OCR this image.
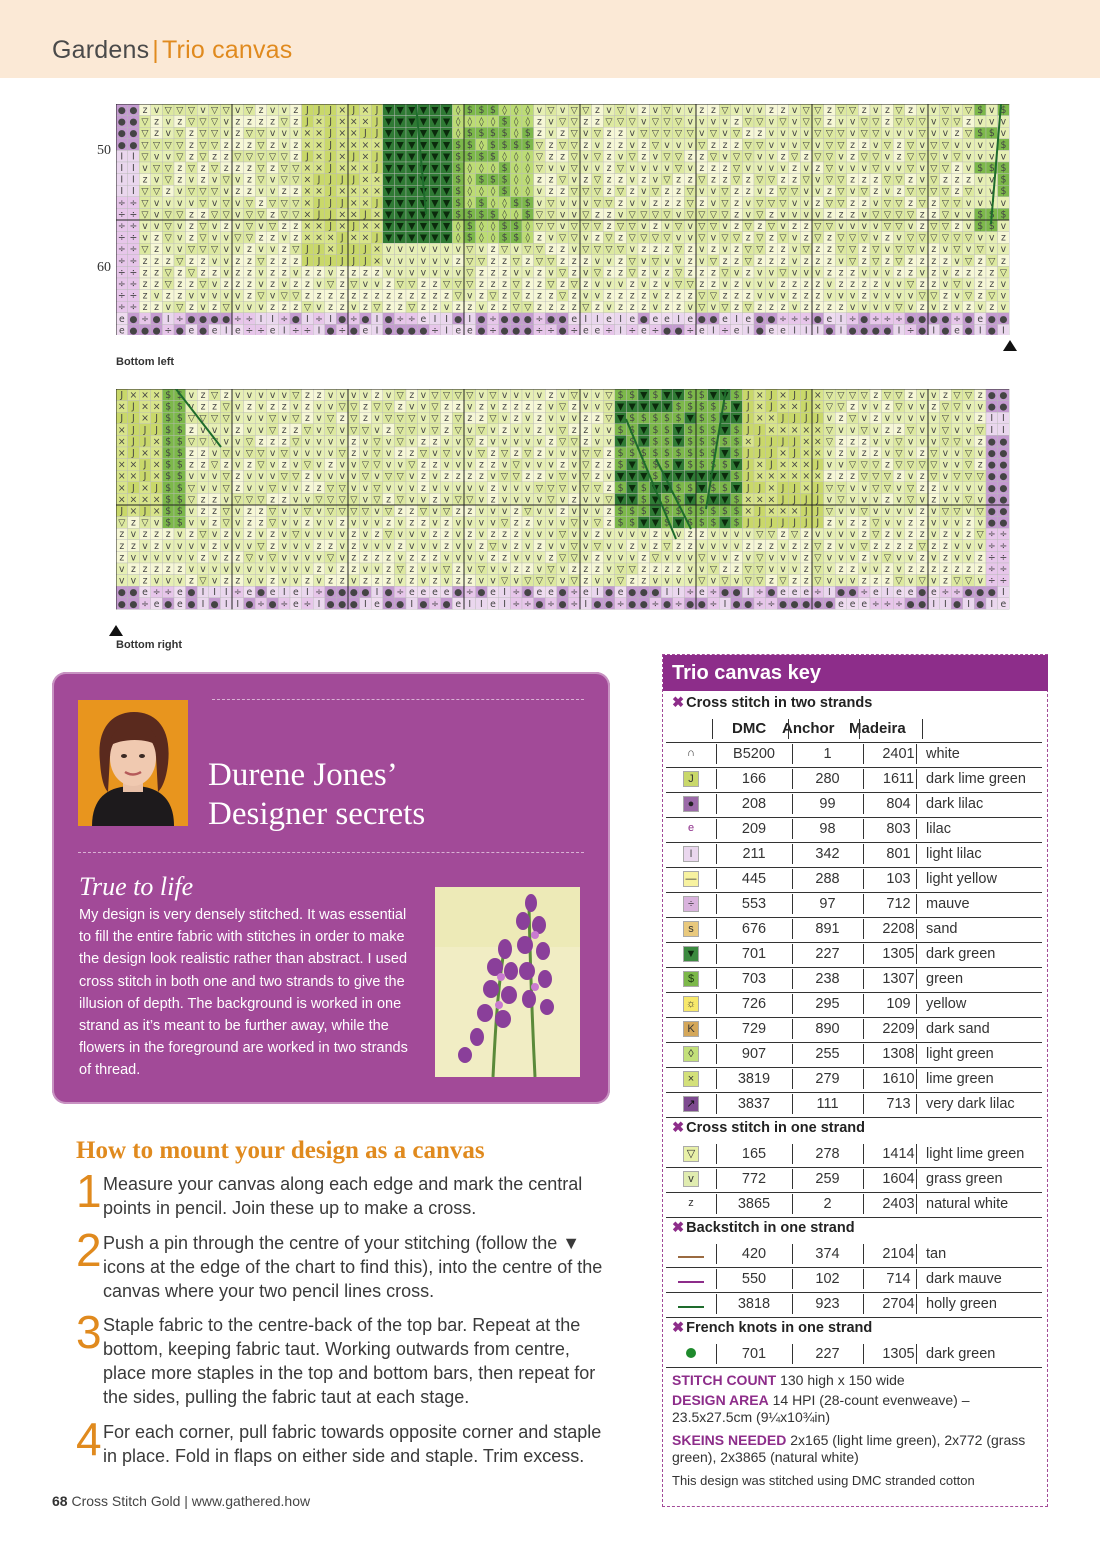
Gardens | Trio canvas
● ● z v ▽ ▽ ▽ v ▽ ▽ v ▽ z v v z J J J × J × J ▼ ▼ ▼ ▼ ▼ ▼ ◊ $ $ $ ◊ ◊ ◊ v ▽ v ▽ ▽ z v ▽ v z v ▽ v v z z ▽ v v v z z v ▽ ▽ z ▽ ▽ z v z ▽ z v v ▽ v ▽ $ v $
● ● ▽ z v z ▽ ▽ ▽ v z z z z ▽ z J × J × × × J ▼ ▼ ▼ ▼ ▼ ▼ ◊ ◊ ◊ ◊ $ ◊ ◊ z v ▽ ▽ z z ▽ ▽ ▽ v ▽ ▽ ▽ v v v v z ▽ ▽ v ▽ v ▽ ▽ z v v ▽ ▽ z ▽ ▽ ▽ v ▽ ▽ z v v v
● ● ▽ z v ▽ z ▽ ▽ v z ▽ ▽ v v v × × J × × J J ▼ ▼ ▼ ▼ ▼ ▼ ◊ $ $ $ $ ◊ $ z v z ▽ v ▽ z z v ▽ ▽ ▽ ▽ ▽ v ▽ v ▽ z z v v v v ▽ ▽ ▽ v ▽ ▽ v v v ▽ v v z ▽ $ $ v
● ● ▽ ▽ ▽ ▽ z ▽ ▽ z z z ▽ z v z × × J × × × × ▼ ▼ ▼ ▼ ▼ ▼ $ $ ◊ $ $ $ $ ▽ z ▽ ▽ z v z z v z ▽ v v v ▽ z z z ▽ ▽ v v v ▽ v ▽ ▽ z z v ▽ z ▽ v ▽ ▽ v v v v $
I I ▽ v v ▽ z ▽ z z ▽ ▽ ▽ ▽ ▽ z J × J × J × J ▼ ▼ ▼ ▼ ▼ ▼ $ $ $ $ ◊ ◊ ◊ ▽ z z ▽ v ▽ z v ▽ z v ▽ ▽ z z ▽ v ▽ ▽ v v z ▽ z ▽ ▽ v z ▽ ▽ v z ▽ ▽ ▽ v ▽ v v v v
I I v ▽ ▽ z ▽ z ▽ z z z ▽ z ▽ ▽ × × J × × × J ▼ ▼ ▼ ▼ ▼ ▼ $ ◊ ◊ ◊ $ ◊ ◊ ▽ v v ▽ v v z ▽ v v v v ▽ v z z z ▽ v v v v z v z ▽ v v v ▽ v v ▽ v ▽ ▽ z v $ $ $
I I z v ▽ z v z v ▽ v z ▽ v ▽ ▽ × J J J J × × ▼ ▼ ▼ ▼ ▼ $ ◊ $ $ $ ◊ ◊ z z ▽ v z ▽ z z v z v ▽ z z ▽ z z ▽ z ▽ ▽ z z ▽ v ▽ ▽ z z z ▽ ▽ z v ▽ z z z v v $
I I ▽ ▽ z v ▽ ▽ ▽ v z z v v z z × × J × × × × ▼ ▼ ▼ ▼ ▼ $ ◊ ◊ ◊ $ ◊ ◊ v z z ▽ ▽ ▽ z ▽ z v ▽ z z ▽ v v ▽ z z v z ▽ ▽ v v z ▽ v ▽ z v z ▽ ▽ ▽ ▽ z ▽ v v $
÷ ÷ ▽ v v v v ▽ v ▽ v ▽ z ▽ ▽ ▽ × J J J × × J ▼ ▼ ▼ ▼ ▼ ▼ $ ◊ $ ◊ ◊ $ $ v ▽ v v v ▽ ▽ z v v z z z ▽ z v ▽ z v ▽ ▽ ▽ v v z ▽ ▽ z z v ▽ ▽ z ▽ z ▽ ▽ v v v
÷ ÷ ▽ v ▽ ▽ z z ▽ ▽ v ▽ ▽ z ▽ ▽ × J J × × J × ▼ ▼ ▼ ▼ ▼ ▼ $ $ $ $ ◊ ◊ $ ▽ ▽ v v ▽ z z v ▽ ▽ ▽ ▽ v ▽ ▽ ▽ ▽ z v ▽ z v v v v z z z v ▽ ▽ ▽ ▽ z z ▽ v v $ $
÷ ÷ v v ▽ v z ▽ v z v ▽ v ▽ z z × × J × J × × ▼ ▼ ▼ ▼ ▼ ▼ ◊ $ ◊ ◊ $ $ ◊ ▽ ▽ v ▽ ▽ ▽ z ▽ ▽ v z v ▽ v ▽ ▽ v z ▽ z ▽ v z z ▽ ▽ v v v v ▽ ▽ v z ▽ ▽ z v $ $ v
÷ ÷ v z ▽ v z ▽ v v ▽ ▽ z z v z × × × J × × J ▼ ▼ ▼ ▼ ▼ ▼ ◊ $ ◊ ◊ $ $ ◊ z v ▽ ▽ v z ▽ z ▽ ▽ ▽ ▽ v v ▽ v ▽ ▽ z ▽ z ▽ v z ▽ z ▽ ▽ ▽ v z v ▽ ▽ ▽ ▽ ▽ ▽ v v z
÷ ÷ ▽ z v v ▽ ▽ ▽ v v z v v z ▽ J J × J J J × v v v v v v v ▽ v z ▽ v ▽ ▽ z z v ▽ ▽ ▽ ▽ v z z z ▽ z v z v z ▽ ▽ z z v ▽ z z ▽ ▽ z ▽ v ▽ ▽ v z v ▽ v ▽ v v
÷ ÷ z z z ▽ z z v v z z ▽ z z z J J J J J J × v v v v v v z ▽ ▽ z z ▽ z ▽ ▽ z z z v v z ▽ v ▽ v v z v ▽ z z ▽ z z z v z z z v ▽ z ▽ z ▽ z z z z v ▽ z ▽ z
÷ ÷ z z ▽ z ▽ z z v z z v z z v z z v z z z z v v v v v v v ▽ z z z v v z v ▽ z v ▽ z z ▽ z v z ▽ z z z ▽ v z v v ▽ v v v z z z v v v z z v z v z z z z ▽
÷ ÷ z z ▽ z z ▽ v z z z v z v z z v ▽ z ▽ v v z ▽ ▽ z z ▽ ▽ ▽ z z z ▽ z z ▽ z ▽ z v v v z v z v ▽ ▽ z z v z v v v z z z z v z z z z v v ▽ z z v ▽ v z z v
÷ ÷ z v z z v v v v v z ▽ v ▽ ▽ z z z z z z z z z z z z z ▽ v z ▽ z ▽ z z z ▽ z v v z z z z v z z z ▽ ▽ z z z v v v z z z v v v z v v v v ▽ ▽ z v ▽ z ▽ v
÷ ÷ z z v ▽ z v z ▽ v v v z z z ▽ v z z v z ▽ z z ▽ z z v z z v z z ▽ ▽ z z z z ▽ z v z z z v z z v ▽ v ▽ z ▽ z z z v z z z z v v v v ▽ v z v z v z v z v
e ● ÷ ● I ÷ ● ● ● ● ÷ ÷ I I ÷ ● I ÷ I ● ÷ ● I ● ÷ ÷ e I I ● I ● ÷ ● ● ● ÷ ● ● e I I e I e ● e e I e ● ● e I e ● ● ÷ ÷ ÷ ● e I ÷ ● ÷ ÷ ÷ ● ● ● ● ÷ ● e ● ●
e ● ● ● ÷ ● e ● e I e ÷ ÷ e I ÷ ÷ I ● ÷ ● e I ● ● ● ● ÷ I e e ● ÷ ● ● ● ÷ ÷ ● ÷ e e ÷ I ÷ e ÷ ● ● ÷ e I ÷ e I ● e e I I I ● I ● ● ● ● I ÷ ● I ● e ● I ● I
50
60
Bottom left
J × × × $ $ v z ▽ z v v v v v ▽ z z v v v v z v ▽ z v ▽ ▽ ▽ ▽ v ▽ v v v v z v ▽ v v ▽ $ $ ▼ $ ▼ ▼ $ $ ▼ $ J × J × J J × ▽ ▽ ▽ ▽ z ▽ ▽ z v v z ▽ ▽ z ● ●
× J × × $ $ v z z ▽ v z v z z v z v v ▽ ▽ z ▽ ▽ z v v ▽ z z v z v z z z z v ▽ z v v ▽ ▼ ▼ ▼ ▼ ▼ $ $ $ $ $ ▼ J × J × × J × ▽ ▽ z v v z ▽ v v z ▽ ▽ v v ● ●
J J × J $ $ ▽ ▽ ▽ ▽ v v v ▽ v ▽ z v ▽ z ▽ z v ▽ ▽ ▽ v ▽ z ▽ z z ▽ v z v z v v v z z ▽ ▼ $ $ $ $ $ ▼ $ $ ▼ ▼ J × × J J J J v z ▽ v z v v v v v ▽ v v z I I
× J J J $ $ z v v v z v v ▽ z z ▽ v ▽ v ▽ ▽ v z ▽ ▽ v ▽ z ▽ v ▽ v z v v z v ▽ z z v v $ $ ▼ $ $ ▼ $ $ $ ▼ $ J J × × × × × ▽ v v ▽ v z z ▽ v v ▽ v v ▽ I I
× J J × $ $ ▽ ▽ ▽ v v ▽ z z z ▽ v v v v z v ▽ v ▽ v z z v v ▽ z v v v v v z ▽ ▽ z v v ▼ $ ▼ $ $ ▼ $ $ $ $ $ × J J J J × × ▽ z z z v v ▽ v v v ▽ ▽ v z ● ●
× J × × $ $ z z v ▽ v ▽ ▽ v ▽ v v v v ▽ z v ▽ v z z ▽ v ▽ v v ▽ z ▽ z ▽ z v v v ▽ ▽ z $ $ $ $ $ $ $ $ $ ▼ $ J J J × J × × v z v z z v ▽ v z ▽ v v ▽ v ● ●
× × J × $ $ z z ▽ z v z ▽ v z v ▽ v z v v ▽ ▽ v v ▽ z z v v v z z v ▽ v v v z v ▽ z z $ ▼ $ $ $ ▼ $ $ $ ▼ J × J × × × J v v ▽ ▽ ▽ z ▽ ▽ ▽ ▽ v v ▽ z ● ●
× × J × $ $ v v v ▽ z v v v ▽ ▽ z v v v v ▽ v ▽ ▽ v z v z z z z v ▽ ▽ z z v ▽ v ▽ z v ▼ ▼ ▼ $ ▼ ▼ ▼ ▼ ▼ ▼ $ J × × × × × × z z z ▽ ▽ ▽ z v z ▽ v ▽ ▽ ▽ ● ●
× J × J $ $ ▽ v v ▽ z v v ▽ v v z z ▽ ▽ v v ▽ v v v z v v v v v z v v v ▽ ▽ ▽ v ▽ ▽ z $ ▼ $ ▼ $ $ ▼ $ $ ▼ J J × J J × J ▽ ▽ v v ▽ ▽ v ▽ z z v v v v ● ●
× × × × $ $ ▽ z z v ▽ ▽ ▽ z z v v ▽ ▽ ▽ ▽ v ▽ z ▽ v v z v ▽ ▽ v z v v v v ▽ v z v v ▽ ▼ ▼ $ ▼ $ $ ▼ $ ▼ ▼ $ × × × J J J J v ▽ v v v z v ▽ v z v v ▽ v ● ●
J × J × $ $ v z z ▽ v z z ▽ v v ▽ v ▽ ▽ ▽ ▽ v ▽ z z ▽ v ▽ z z v v v z ▽ v v z v v v z $ $ $ ▼ $ $ $ $ $ $ $ × J × × × J J ▽ v v ▽ v v v v z v ▽ ▽ v ▽ ● ●
▽ z ▽ v $ $ v v z ▽ v z z ▽ v v z v v z v v v z v z z v z v v v v ▽ z z v v v ▽ v ▽ z $ $ ▼ ▼ $ ▼ $ $ $ ▼ $ J J J J J J J z v z z ▽ v v z z v v v z v ● ●
z v z z z v z ▽ v z v z v z v ▽ v v v v z v z ▽ v v v z z v z v z z z v v v ▽ v v z v v v v z v v z z v v v v ▽ ▽ z ▽ z v v v v z ▽ z v z z v z v z ▽ ÷ ÷
z z v z v v v v z v v v ▽ z v v v z z v z v v v z v v v z v v z ▽ v z v z v v ▽ v ▽ v v z v z ▽ z z v v v v z z z v z z ▽ z v v ▽ z z z z ▽ z z v v v ÷ ÷
z v v v v v v z v z z ▽ v ▽ v v v v ▽ v z z z z v z z z v v v v z z v v v z ▽ ▽ v z v v v z ▽ v v v ▽ v v z v ▽ v v v z ▽ v v v z v ▽ v v z v z v v z ÷ ÷
v z z z z z v v v v v v v v v v v z v z z v v z ▽ z v v ▽ z v ▽ v v z z v ▽ v z z z v ▽ ▽ z z z z v v ▽ z z ▽ ▽ v v v z ▽ v z z v v z v z z z z z z z ÷ ÷
v v z v v v z ▽ v z z v v z v v z v z z v z z z v z v z v z z v v ▽ v ▽ ▽ ▽ v ▽ z v v ▽ z z v v v v ▽ v ▽ v ▽ ▽ z ▽ z z ▽ v v v z z z ▽ v ▽ v z ▽ ▽ v ÷ ÷
● ● e ÷ ÷ e ● I I I ÷ e ● e I e I ÷ ● ● ● ● I ● ÷ e e e e ● ÷ ● e I ÷ ● e e ● ÷ e I ● e ● ● ● I I ÷ e ÷ ● ● I ÷ ● e e e ÷ I ● ● ÷ e I e e ● e ÷ ÷ ● ● ● I
● ● ÷ e ● e ● I ● I I ● ÷ ● ÷ e ÷ I ● ● ● I e ● ● I ● ÷ ● e I I e I ÷ ÷ ● ÷ ● ÷ I ● ● ÷ ● ● ÷ ● ÷ ● ● ÷ I ● ● ÷ ÷ ● ● ● ● ● e e e ÷ ÷ ÷ ● ● I I ● I ● I e
Bottom right
Durene Jones’
Designer secrets
True to life
My design is very densely stitched. It was essential to fill the entire fabric with stitches in order to make the design look realistic rather than abstract. I used cross stitch in both one and two strands to give the illusion of depth. The background is worked in one strand as it’s meant to be further away, while the flowers in the foreground are worked in two strands of thread.
How to mount your design as a canvas
1 Measure your canvas along each edge and mark the central points in pencil. Join these up to make a cross.
2 Push a pin through the centre of your stitching (follow the ▼ icons at the edge of the chart to find this), into the centre of the canvas where your two pencil lines cross.
3 Staple fabric to the centre-back of the top bar. Repeat at the bottom, keeping fabric taut. Working outwards from centre, place more staples in the top and bottom bars, then repeat for the sides, pulling the fabric taut at each stage.
4 For each corner, pull fabric towards opposite corner and staple in place. Fold in flaps on either side and staple. Trim excess.
68 Cross Stitch Gold | www.gathered.how
Trio canvas key
✖ Cross stitch in two strands
DMC Anchor Madeira
∩	B5200	1	2401 white
J	166	280	1611 dark lime green
●	208	99	804	dark lilac
e	209	98	803	lilac
I	211	342	801	light lilac
—	445	288	103	light yellow
÷	553	97	712	mauve
s	676	891	2208 sand
▼	701	227	1305 dark green
$	703	238	1307 green
☼	726	295	109	yellow
K	729	890	2209 dark sand
◊	907	255	1308 light green
×	3819	279	1610 lime green
↗	3837	111	713	very dark lilac
✖ Cross stitch in one strand
▽	165	278	1414 light lime green
v	772	259	1604 grass green
z	3865	2	2403 natural white
✖ Backstitch in one strand
420	374	2104 tan
550	102	714	dark mauve
3818	923	2704 holly green
✖ French knots in one strand
701	227	1305 dark green
STITCH COUNT 130 high x 150 wide
DESIGN AREA 14 HPI (28-count evenweave) – 23.5x27.5cm (9¼x10¾in)
SKEINS NEEDED 2x165 (light lime green), 2x772 (grass green), 2x3865 (natural white)
This design was stitched using DMC stranded cotton
